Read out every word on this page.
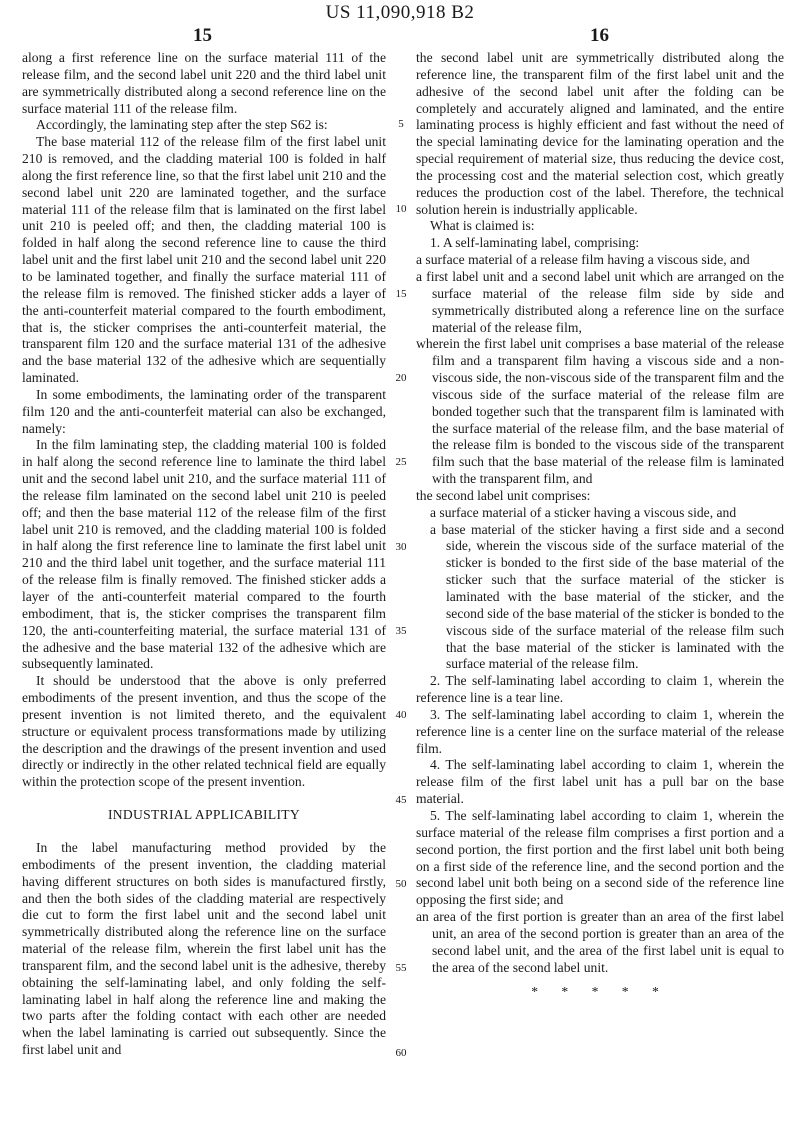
US 11,090,918 B2
15	16

along a first reference line on the surface material 111 of the release film, and the second label unit 220 and the third label unit are symmetrically distributed along a second reference line on the surface material 111 of the release film.

Accordingly, the laminating step after the step S62 is:

The base material 112 of the release film of the first label unit 210 is removed, and the cladding material 100 is folded in half along the first reference line, so that the first label unit 210 and the second label unit 220 are laminated together, and the surface material 111 of the release film that is laminated on the first label unit 210 is peeled off; and then, the cladding material 100 is folded in half along the second reference line to cause the third label unit and the first label unit 210 and the second label unit 220 to be laminated together, and finally the surface material 111 of the release film is removed. The finished sticker adds a layer of the anti-counterfeit material compared to the fourth embodiment, that is, the sticker comprises the anti-counterfeit material, the transparent film 120 and the surface material 131 of the adhesive and the base material 132 of the adhesive which are sequentially laminated.

In some embodiments, the laminating order of the transparent film 120 and the anti-counterfeit material can also be exchanged, namely:

In the film laminating step, the cladding material 100 is folded in half along the second reference line to laminate the third label unit and the second label unit 210, and the surface material 111 of the release film laminated on the second label unit 210 is peeled off; and then the base material 112 of the release film of the first label unit 210 is removed, and the cladding material 100 is folded in half along the first reference line to laminate the first label unit 210 and the third label unit together, and the surface material 111 of the release film is finally removed. The finished sticker adds a layer of the anti-counterfeit material compared to the fourth embodiment, that is, the sticker comprises the transparent film 120, the anti-counterfeiting material, the surface material 131 of the adhesive and the base material 132 of the adhesive which are subsequently laminated.

It should be understood that the above is only preferred embodiments of the present invention, and thus the scope of the present invention is not limited thereto, and the equivalent structure or equivalent process transformations made by utilizing the description and the drawings of the present invention and used directly or indirectly in the other related technical field are equally within the protection scope of the present invention.

INDUSTRIAL APPLICABILITY

In the label manufacturing method provided by the embodiments of the present invention, the cladding material having different structures on both sides is manufactured firstly, and then the both sides of the cladding material are respectively die cut to form the first label unit and the second label unit symmetrically distributed along the reference line on the surface material of the release film, wherein the first label unit has the transparent film, and the second label unit is the adhesive, thereby obtaining the self-laminating label, and only folding the self-laminating label in half along the reference line and making the two parts after the folding contact with each other are needed when the label laminating is carried out subsequently. Since the first label unit and

the second label unit are symmetrically distributed along the reference line, the transparent film of the first label unit and the adhesive of the second label unit after the folding can be completely and accurately aligned and laminated, and the entire laminating process is highly efficient and fast without the need of the special laminating device for the laminating operation and the special requirement of material size, thus reducing the device cost, the processing cost and the material selection cost, which greatly reduces the production cost of the label. Therefore, the technical solution herein is industrially applicable.

What is claimed is:

1. A self-laminating label, comprising:

a surface material of a release film having a viscous side, and

a first label unit and a second label unit which are arranged on the surface material of the release film side by side and symmetrically distributed along a reference line on the surface material of the release film,

wherein the first label unit comprises a base material of the release film and a transparent film having a viscous side and a non-viscous side, the non-viscous side of the transparent film and the viscous side of the surface material of the release film are bonded together such that the transparent film is laminated with the surface material of the release film, and the base material of the release film is bonded to the viscous side of the transparent film such that the base material of the release film is laminated with the transparent film, and

the second label unit comprises:

a surface material of a sticker having a viscous side, and

a base material of the sticker having a first side and a second side, wherein the viscous side of the surface material of the sticker is bonded to the first side of the base material of the sticker such that the surface material of the sticker is laminated with the base material of the sticker, and the second side of the base material of the sticker is bonded to the viscous side of the surface material of the release film such that the base material of the sticker is laminated with the surface material of the release film.

2. The self-laminating label according to claim 1, wherein the reference line is a tear line.

3. The self-laminating label according to claim 1, wherein the reference line is a center line on the surface material of the release film.

4. The self-laminating label according to claim 1, wherein the release film of the first label unit has a pull bar on the base material.

5. The self-laminating label according to claim 1, wherein the surface material of the release film comprises a first portion and a second portion, the first portion and the first label unit both being on a first side of the reference line, and the second portion and the second label unit both being on a second side of the reference line opposing the first side; and

an area of the first portion is greater than an area of the first label unit, an area of the second portion is greater than an area of the second label unit, and the area of the first label unit is equal to the area of the second label unit.

* * * * *

5
10
15
20
25
30
35
40
45
50
55
60
